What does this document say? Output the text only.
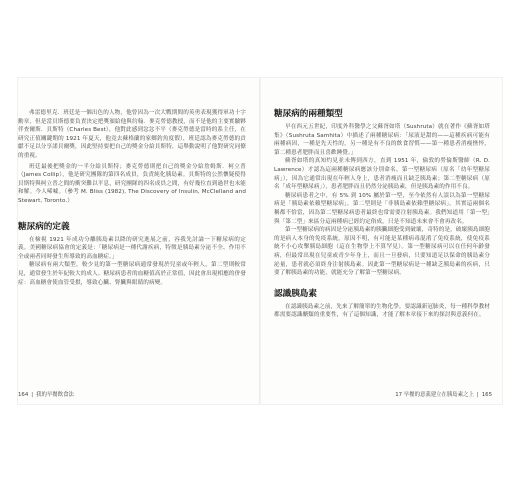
弗雷德里克．班廷是一個出色的人物，他曾因為一次大戰期間的英勇表現獲得軍功十字勳章，但是當貝斯德要負責決定把獎頒給他與約翰．麥克勞德教授，而不是他的主要實驗夥伴查爾斯．貝斯特（Charles Best），他對此感到忿忿不平（麥克勞德是當時的系主任，在研究正值關鍵期的 1921 年夏天，他竟去蘇格蘭的家鄉釣魚度假），班廷認為麥克勞德的貢獻不足以分享諾貝爾獎，因此堅持要把自己的獎金分給貝斯特，這舉動說明了他對研究同僚的重視。

班廷最後把獎金的一半分給貝斯特；麥克勞德則把自己的獎金分給詹姆斯．柯立普（James Collip），他是研究團隊的第四名成員，負責純化胰島素。貝斯特的公然懷疑使得貝斯特與柯立普之間的衝突難以平息，研究團隊的四名成員之間，有好幾位直到過世也未能和解。今人唏噓。（參考 M. Bliss (1982), The Discovery of Insulin, McClelland and Stewart, Toronto.）

糖尿病的定義

在檢視 1921 年成功分離胰島素以降的研究進展之前，容我先討論一下糖尿病的定義。美國糖尿病協會的定義是：「糖尿病是一種代謝疾病，特徵是胰島素分泌不全、作用不全或兩者同時發生所導致的高血糖症。」

糖尿病有兩大類型，較少見的第一型糖尿病通常發現於兒童或年輕人，第二型則較常見，通常發生於年紀較大的成人。糖尿病患者的血糖值高於正常值，因此會出現相應的併發症：高血糖會使血管受損，導致心臟、腎臟與眼睛的病變。

糖尿病的兩種類型

早在西元五世紀，印度外科醫學之父蘇胥如塔（Sushruta）就在著作《蘇胥如塔集》（Sushruta Samhita）中描述了兩種糖尿病：「尿液是甜的——這種疾病可能有兩種病因，一種是先天性的，另一種是有不良的飲食習慣——第一種患者消瘦憔悴，第二種患者肥胖而且喜歡睡覺。」

蘇胥如塔的真知灼見並未傳到西方，直到 1951 年，倫敦的勞倫斯醫師（R. D. Lawrence）才認為這兩種糖尿病應該分別命名，第一型糖尿病（原名「幼年型糖尿病」），因為它通常出現在年輕人身上，患者消瘦而且缺乏胰島素；第二型糖尿病（原名「成年型糖尿病」），患者肥胖而且仍然分泌胰島素，但是胰島素的作用不良。

糖尿病患者之中，有 5% 到 10% 屬於第一型，至今依然有人誤以為第一型糖尿病是「胰島素依賴型糖尿病」，第二型則是「非胰島素依賴型糖尿病」。其實這兩個名稱都不恰當，因為第二型糖尿病患者最終也常需要注射胰島素。我們知道用「第一型」與「第二型」來區分這兩種病已經約定俗成，只是不知道未來會不會再改名。

第一型糖尿病的病因是分泌胰島素的胰臟細胞受到破壞，奇特的是，破壞胰島細胞的是病人本身的免疫系統。原因不明，有可能是某種病毒混淆了免疫系統，使免疫系統不小心攻擊胰島細胞（這在生物學上不算罕見）。第一型糖尿病可以在任何年齡發病，但最常出現在兒童或青少年身上，而且一旦發病，只要知道足以保命的胰島素分泌量，患者就必須終身注射胰島素。因此第一型糖尿病是一種缺乏胰島素的疾病，只要了解胰島素的功能，就能充分了解第一型糖尿病。

認識胰島素

在認識胰島素之前，先來了解簡單的生物化學。要認識新冠肺炎，每一種科學教材都需要認識醣類的重要性，有了這個知識，才能了解本章接下來的探討與意義何在。

164 | 我的早餐飲食法	17 早餐的意義建立在胰島素之上 | 165
